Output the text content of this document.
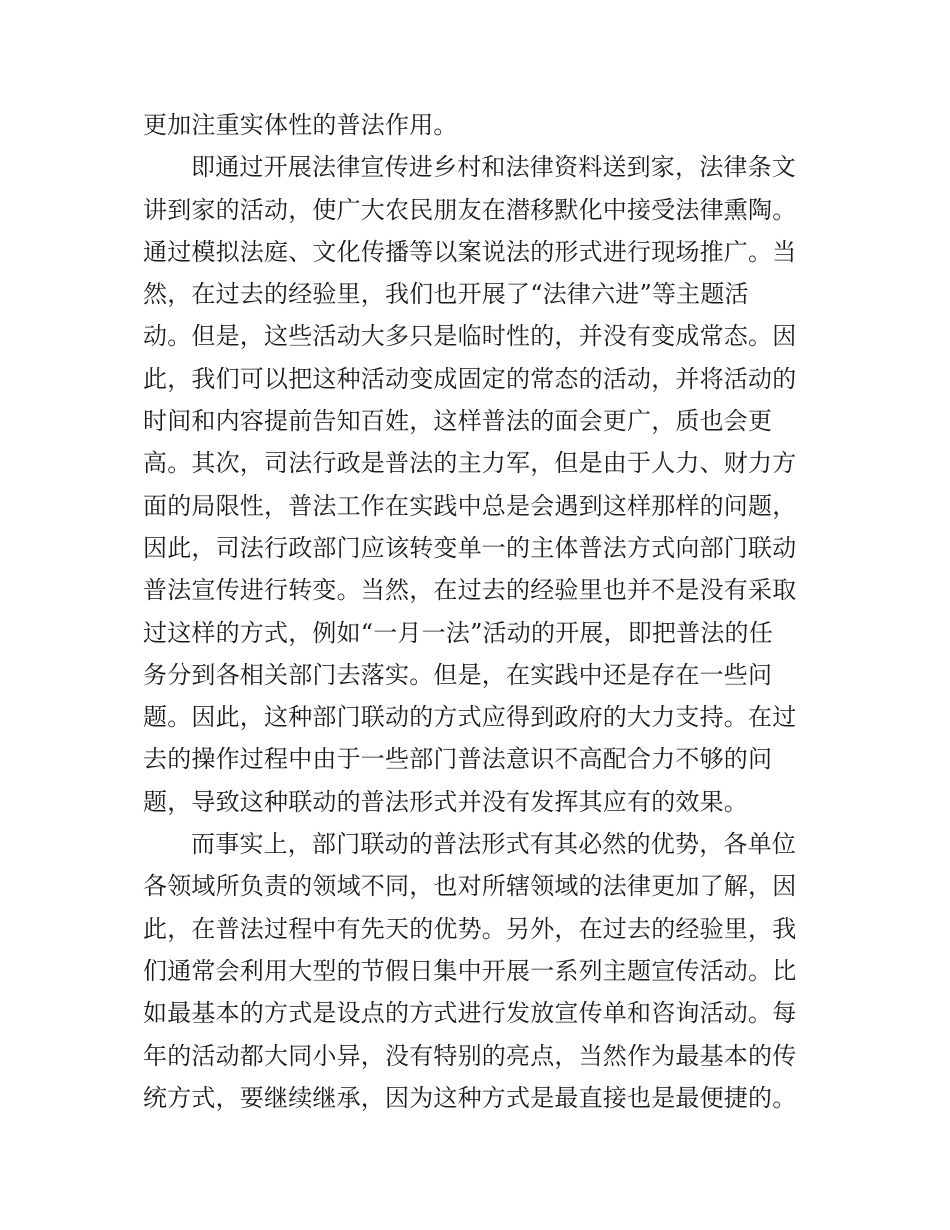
更加注重实体性的普法作用。
即通过开展法律宣传进乡村和法律资料送到家，法律条文
讲到家的活动，使广大农民朋友在潜移默化中接受法律熏陶。
通过模拟法庭、文化传播等以案说法的形式进行现场推广。当
然，在过去的经验里，我们也开展了“法律六进”等主题活
动。但是，这些活动大多只是临时性的，并没有变成常态。因
此，我们可以把这种活动变成固定的常态的活动，并将活动的
时间和内容提前告知百姓，这样普法的面会更广，质也会更
高。其次，司法行政是普法的主力军，但是由于人力、财力方
面的局限性，普法工作在实践中总是会遇到这样那样的问题，
因此，司法行政部门应该转变单一的主体普法方式向部门联动
普法宣传进行转变。当然，在过去的经验里也并不是没有采取
过这样的方式，例如“一月一法”活动的开展，即把普法的任
务分到各相关部门去落实。但是，在实践中还是存在一些问
题。因此，这种部门联动的方式应得到政府的大力支持。在过
去的操作过程中由于一些部门普法意识不高配合力不够的问
题，导致这种联动的普法形式并没有发挥其应有的效果。
而事实上，部门联动的普法形式有其必然的优势，各单位
各领域所负责的领域不同，也对所辖领域的法律更加了解，因
此，在普法过程中有先天的优势。另外，在过去的经验里，我
们通常会利用大型的节假日集中开展一系列主题宣传活动。比
如最基本的方式是设点的方式进行发放宣传单和咨询活动。每
年的活动都大同小异，没有特别的亮点，当然作为最基本的传
统方式，要继续继承，因为这种方式是最直接也是最便捷的。
